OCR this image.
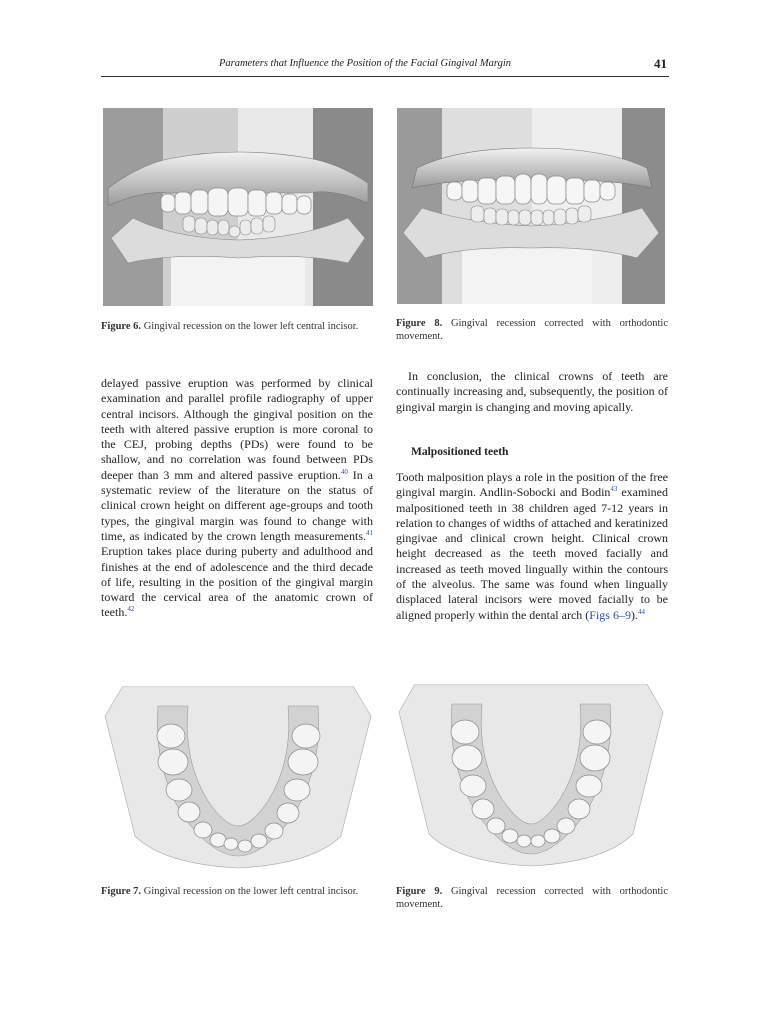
Parameters that Influence the Position of the Facial Gingival Margin	41
Figure 6. Gingival recession on the lower left central incisor.	Figure 8. Gingival recession corrected with orthodontic movement.

delayed passive eruption was performed by clinical examination and parallel profile radiography of upper central incisors. Although the gingival position on the teeth with altered passive eruption is more coronal to the CEJ, probing depths (PDs) were found to be shallow, and no correlation was found between PDs deeper than 3 mm and altered passive eruption.$^{40}$ In a systematic review of the literature on the status of clinical crown height on different age-groups and tooth types, the gingival margin was found to change with time, as indicated by the crown length measurements.$^{41}$ Eruption takes place during puberty and adulthood and finishes at the end of adolescence and the third decade of life, resulting in the position of the gingival margin toward the cervical area of the anatomic crown of teeth.$^{42}$

In conclusion, the clinical crowns of teeth are continually increasing and, subsequently, the position of gingival margin is changing and moving apically.

Malpositioned teeth

Tooth malposition plays a role in the position of the free gingival margin. Andlin-Sobocki and Bodin$^{43}$ examined malpositioned teeth in 38 children aged 7-12 years in relation to changes of widths of attached and keratinized gingivae and clinical crown height. Clinical crown height decreased as the teeth moved facially and increased as teeth moved lingually within the contours of the alveolus. The same was found when lingually displaced lateral incisors were moved facially to be aligned properly within the dental arch (Figs 6–9).$^{44}$

Figure 7. Gingival recession on the lower left central incisor.	Figure 9. Gingival recession corrected with orthodontic movement.
